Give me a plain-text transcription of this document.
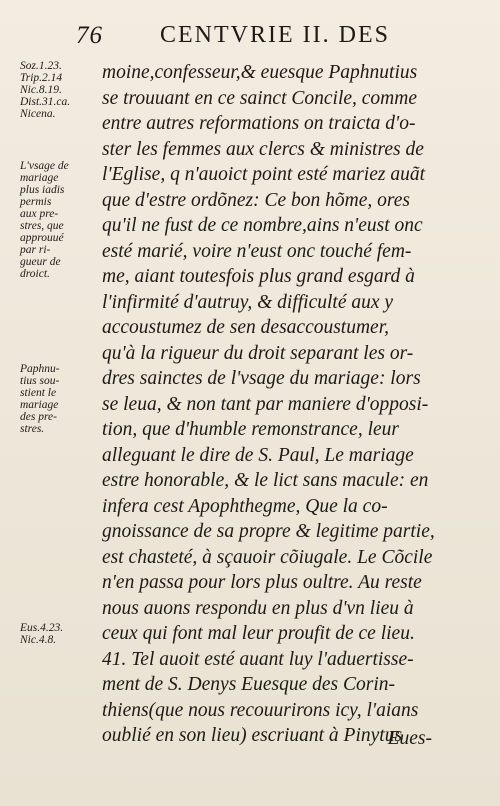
76 CENTVRIE II. DES
Soz.1.23.
Trip.2.14
Nic.8.19.
Dist.31.ca.
Nicena.
L'vsage de
mariage
plus iadis
permis
aux pre-
stres, que
approuué
par ri-
gueur de
droict.
Paphnu-
tius sou-
stient le
mariage
des pre-
stres.
Eus.4.23.
Nic.4.8.
moine,confesseur,& euesque Paphnutius
se trouuant en ce sainct Concile, comme
entre autres reformations on traicta d'o-
ster les femmes aux clercs & ministres de
l'Eglise, q n'auoict point esté mariez auãt
que d'estre ordõnez: Ce bon hõme, ores
qu'il ne fust de ce nombre,ains n'eust onc
esté marié, voire n'eust onc touché fem-
me, aiant toutesfois plus grand esgard à
l'infirmité d'autruy, & difficulté aux y
accoustumez de sen desaccoustumer,
qu'à la rigueur du droit separant les or-
dres sainctes de l'vsage du mariage: lors
se leua, & non tant par maniere d'opposi-
tion, que d'humble remonstrance, leur
alleguant le dire de S. Paul, Le mariage
estre honorable, & le lict sans macule: en
infera cest Apophthegme, Que la co-
gnoissance de sa propre & legitime partie,
est chasteté, à sçauoir cõiugale. Le Cõcile
n'en passa pour lors plus oultre. Au reste
nous auons respondu en plus d'vn lieu à
ceux qui font mal leur proufit de ce lieu.
41. Tel auoit esté auant luy l'aduertisse-
ment de S. Denys Euesque des Corin-
thiens(que nous recouurirons icy, l'aians
oublié en son lieu) escriuant à Pinytus
Eues-
